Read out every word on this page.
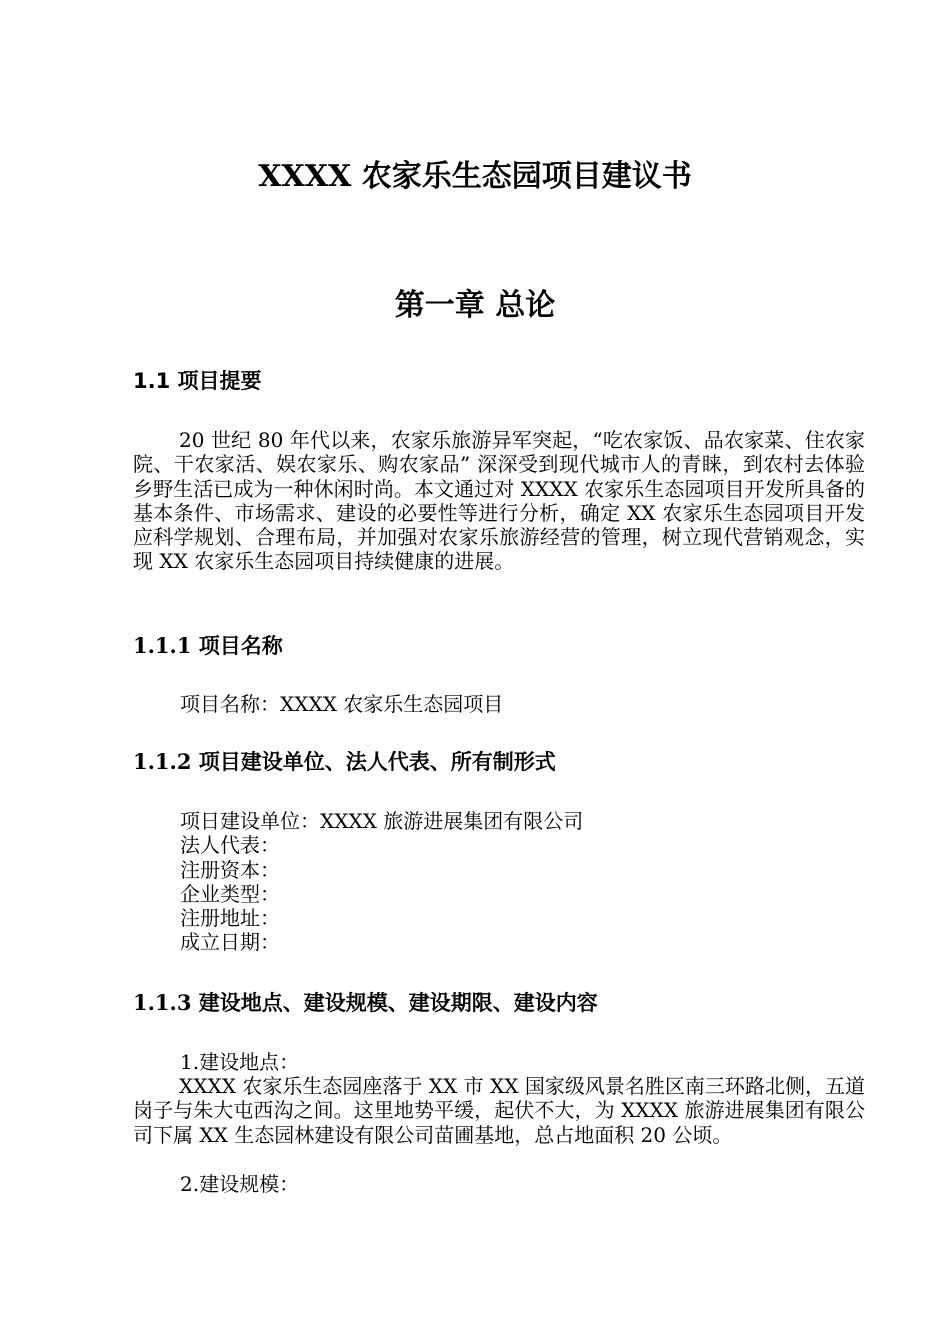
XXXX 农家乐生态园项目建议书
第一章 总论
1.1 项目提要
20 世纪 80 年代以来，农家乐旅游异军突起，“吃农家饭、品农家菜、住农家院、干农家活、娱农家乐、购农家品” 深深受到现代城市人的青睐，到农村去体验乡野生活已成为一种休闲时尚。本文通过对 XXXX 农家乐生态园项目开发所具备的基本条件、市场需求、建设的必要性等进行分析，确定 XX 农家乐生态园项目开发应科学规划、合理布局，并加强对农家乐旅游经营的管理，树立现代营销观念，实现 XX 农家乐生态园项目持续健康的进展。
1.1.1 项目名称
项目名称：XXXX 农家乐生态园项目
1.1.2 项目建设单位、法人代表、所有制形式
项日建设单位：XXXX 旅游进展集团有限公司
法人代表：
注册资本：
企业类型：
注册地址：
成立日期：
1.1.3 建设地点、建设规模、建设期限、建设内容
1.建设地点：
XXXX 农家乐生态园座落于 XX 市 XX 国家级风景名胜区南三环路北侧，五道岗子与朱大屯西沟之间。这里地势平缓，起伏不大，为 XXXX 旅游进展集团有限公司下属 XX 生态园林建设有限公司苗圃基地，总占地面积 20 公顷。
2.建设规模：
